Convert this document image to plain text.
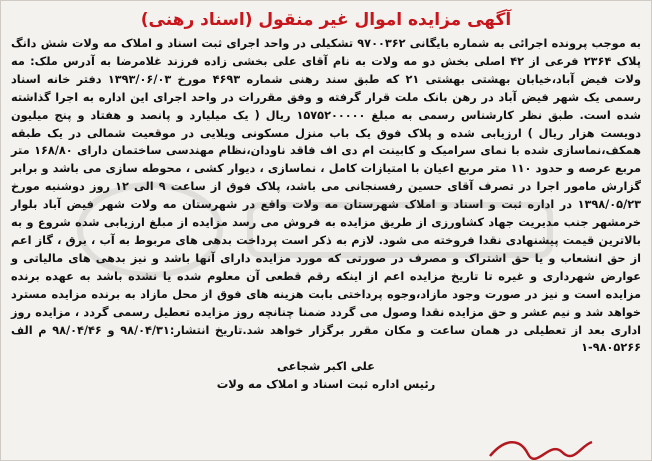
آگهی مزایده اموال غیر منقول (اسناد رهنی)

به موجب پرونده اجرائی به شماره بایگانی ۹۷۰۰۳۶۲ تشکیلی در واحد اجرای ثبت اسناد و املاک مه ولات شش دانگ پلاک ۲۳۶۴ فرعی از ۴۲ اصلی بخش دو مه ولات به نام آقای علی بخشی زاده فرزند غلامرضا به آدرس ملک: مه ولات فیض آباد،خیابان بهشتی بهشتی ۲۱ که طبق سند رهنی شماره ۴۶۹۳ مورخ ۱۳۹۳/۰۶/۰۳ دفتر خانه اسناد رسمی یک شهر فیض آباد در رهن بانک ملت قرار گرفته و وفق مقررات در واحد اجرای این اداره به اجرا گذاشته شده است. طبق نظر کارشناس رسمی به مبلغ ۱۵۷۵۲۰۰۰۰۰ ریال ( یک میلیارد و پانصد و هفتاد و پنج میلیون دویست هزار ریال ) ارزیابی شده و پلاک فوق یک باب منزل مسکونی ویلایی در موقعیت شمالی در یک طبقه همکف،نماسازی شده با نمای سرامیک و کابینت ام دی اف فاقد ناودان،نظام مهندسی ساختمان دارای ۱۶۸/۸۰ متر مربع عرصه و حدود ۱۱۰ متر مربع اعیان با امتیازات کامل ، نماسازی ، دیوار کشی ، محوطه سازی می باشد و برابر گزارش مامور اجرا در تصرف آقای حسین رفسنجانی می باشد، پلاک فوق از ساعت ۹ الی ۱۲ روز دوشنبه مورخ ۱۳۹۸/۰۵/۲۳ در اداره ثبت و اسناد و املاک شهرستان مه ولات واقع در شهرستان مه ولات شهر فیض آباد بلوار خرمشهر جنب مدیریت جهاد کشاورزی از طریق مزایده به فروش می رسد مزایده از مبلغ ارزیابی شده شروع و به بالاترین قیمت پیشنهادی نقدا فروخته می شود. لازم به ذکر است پرداخت بدهی های مربوط به آب ، برق ، گاز اعم از حق انشعاب و یا حق اشتراک و مصرف در صورتی که مورد مزایده دارای آنها باشد و نیز بدهی های مالیاتی و عوارض شهرداری و غیره تا تاریخ مزایده اعم از اینکه رقم قطعی آن معلوم شده یا نشده باشد به عهده برنده مزایده است و نیز در صورت وجود مازاد،وجوه پرداختی بابت هزینه های فوق از محل مازاد به برنده مزایده مسترد خواهد شد و نیم عشر و حق مزایده نقدا وصول می گردد ضمنا چنانچه روز مزایده تعطیل رسمی گردد ، مزایده روز اداری بعد از تعطیلی در همان ساعت و مکان مقرر برگزار خواهد شد.تاریخ انتشار:۹۸/۰۴/۳۱ و ۹۸/۰۴/۴۶ م الف ۹۸۰۵۲۶۶-۱

علی اکبر شجاعی
رئیس اداره ثبت اسناد و املاک مه ولات
